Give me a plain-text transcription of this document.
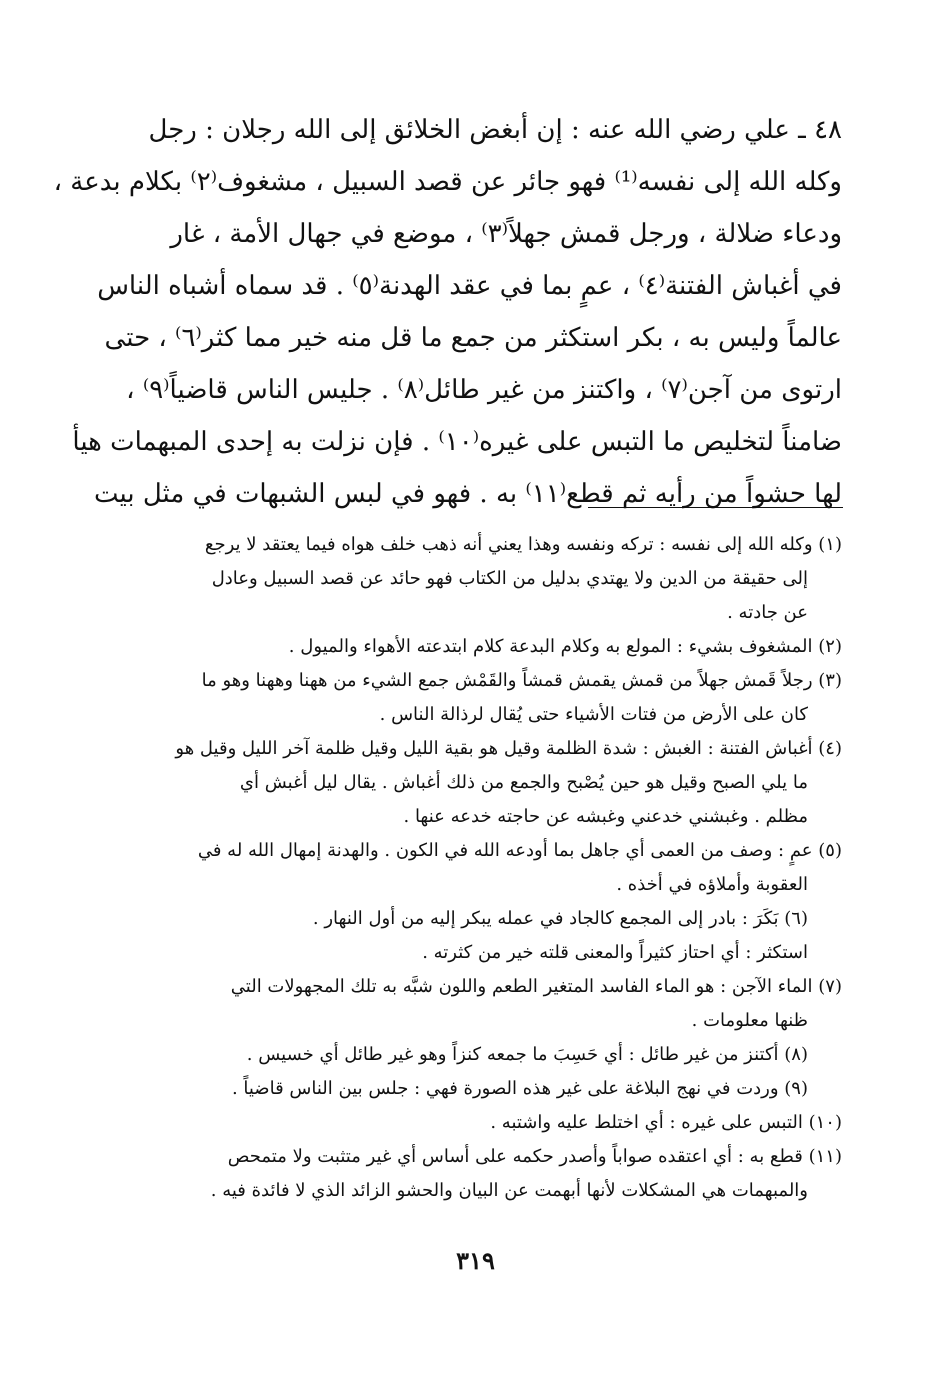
٤٨ ـ علي رضي الله عنه : إن أبغض الخلائق إلى الله رجلان : رجل
وكله الله إلى نفسه⁽¹⁾ فهو جائر عن قصد السبيل ، مشغوف⁽٢⁾ بكلام بدعة ،
ودعاء ضلالة ، ورجل قمش جهلاً⁽٣⁾ ، موضع في جهال الأمة ، غار
في أغباش الفتنة⁽٤⁾ ، عمٍ بما في عقد الهدنة⁽٥⁾ . قد سماه أشباه الناس
عالماً وليس به ، بكر استكثر من جمع ما قل منه خير مما كثر⁽٦⁾ ، حتى
ارتوى من آجن⁽٧⁾ ، واكتنز من غير طائل⁽٨⁾ . جليس الناس قاضياً⁽٩⁾ ،
ضامناً لتخليص ما التبس على غيره⁽١٠⁾ . فإن نزلت به إحدى المبهمات هيأ
لها حشواً من رأيه ثم قطع⁽١١⁾ به . فهو في لبس الشبهات في مثل بيت
(١) وكله الله إلى نفسه : تركه ونفسه وهذا يعني أنه ذهب خلف هواه فيما يعتقد لا يرجع
إلى حقيقة من الدين ولا يهتدي بدليل من الكتاب فهو حائد عن قصد السبيل وعادل
عن جادته .
(٢) المشغوف بشيء : المولع به وكلام البدعة كلام ابتدعته الأهواء والميول .
(٣) رجلاً قَمش جهلاً من قمش يقمش قمشاً والقَمْش جمع الشيء من ههنا وههنا وهو ما
كان على الأرض من فتات الأشياء حتى يُقال لرذالة الناس .
(٤) أغباش الفتنة : الغبش : شدة الظلمة وقيل هو بقية الليل وقيل ظلمة آخر الليل وقيل هو
ما يلي الصبح وقيل هو حين يُصْبح والجمع من ذلك أغباش . يقال ليل أغبش أي
مظلم . وغبشني خدعني وغبشه عن حاجته خدعه عنها .
(٥) عمٍ : وصف من العمى أي جاهل بما أودعه الله في الكون . والهدنة إمهال الله له في
العقوبة وأملاؤه في أخذه .
(٦) بَكَرَ : بادر إلى المجمع كالجاد في عمله يبكر إليه من أول النهار .
استكثر : أي احتاز كثيراً والمعنى قلته خير من كثرته .
(٧) الماء الآجن : هو الماء الفاسد المتغير الطعم واللون شبَّه به تلك المجهولات التي
ظنها معلومات .
(٨) أكتنز من غير طائل : أي حَسِبَ ما جمعه كنزاً وهو غير طائل أي خسيس .
(٩) وردت في نهج البلاغة على غير هذه الصورة فهي : جلس بين الناس قاضياً .
(١٠) التبس على غيره : أي اختلط عليه واشتبه .
(١١) قطع به : أي اعتقده صواباً وأصدر حكمه على أساس أي غير متثبت ولا متمحص
والمبهمات هي المشكلات لأنها أبهمت عن البيان والحشو الزائد الذي لا فائدة فيه .
٣١٩
